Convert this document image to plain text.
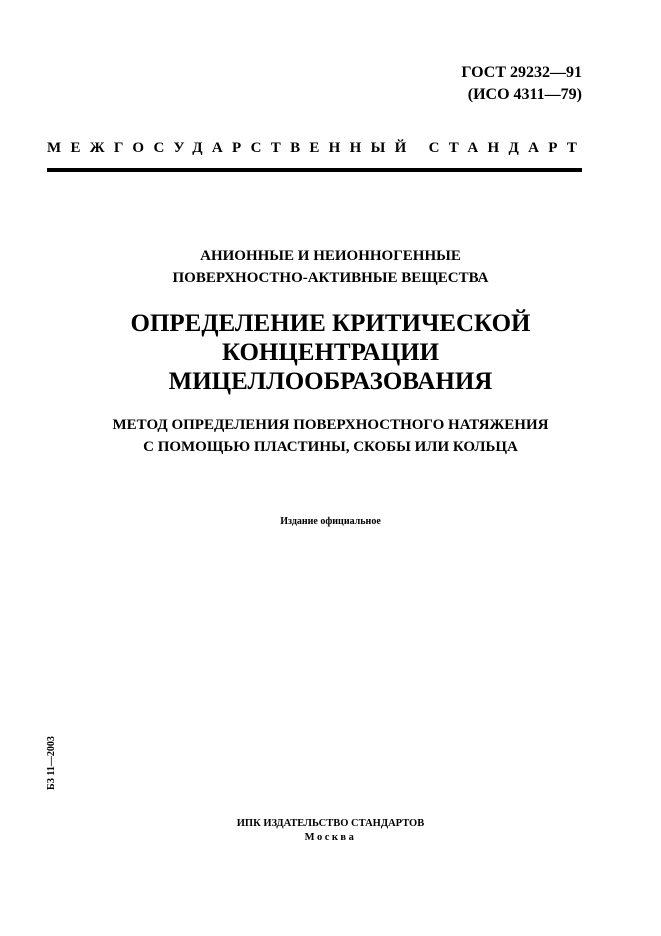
ГОСТ 29232—91
(ИСО 4311—79)
МЕЖГОСУДАРСТВЕННЫЙ СТАНДАРТ
АНИОННЫЕ И НЕИОННОГЕННЫЕ
ПОВЕРХНОСТНО-АКТИВНЫЕ ВЕЩЕСТВА
ОПРЕДЕЛЕНИЕ КРИТИЧЕСКОЙ
КОНЦЕНТРАЦИИ
МИЦЕЛЛООБРАЗОВАНИЯ
МЕТОД ОПРЕДЕЛЕНИЯ ПОВЕРХНОСТНОГО НАТЯЖЕНИЯ
С ПОМОЩЬЮ ПЛАСТИНЫ, СКОБЫ ИЛИ КОЛЬЦА
Издание официальное
БЗ 11—2003
ИПК ИЗДАТЕЛЬСТВО СТАНДАРТОВ
Москва
